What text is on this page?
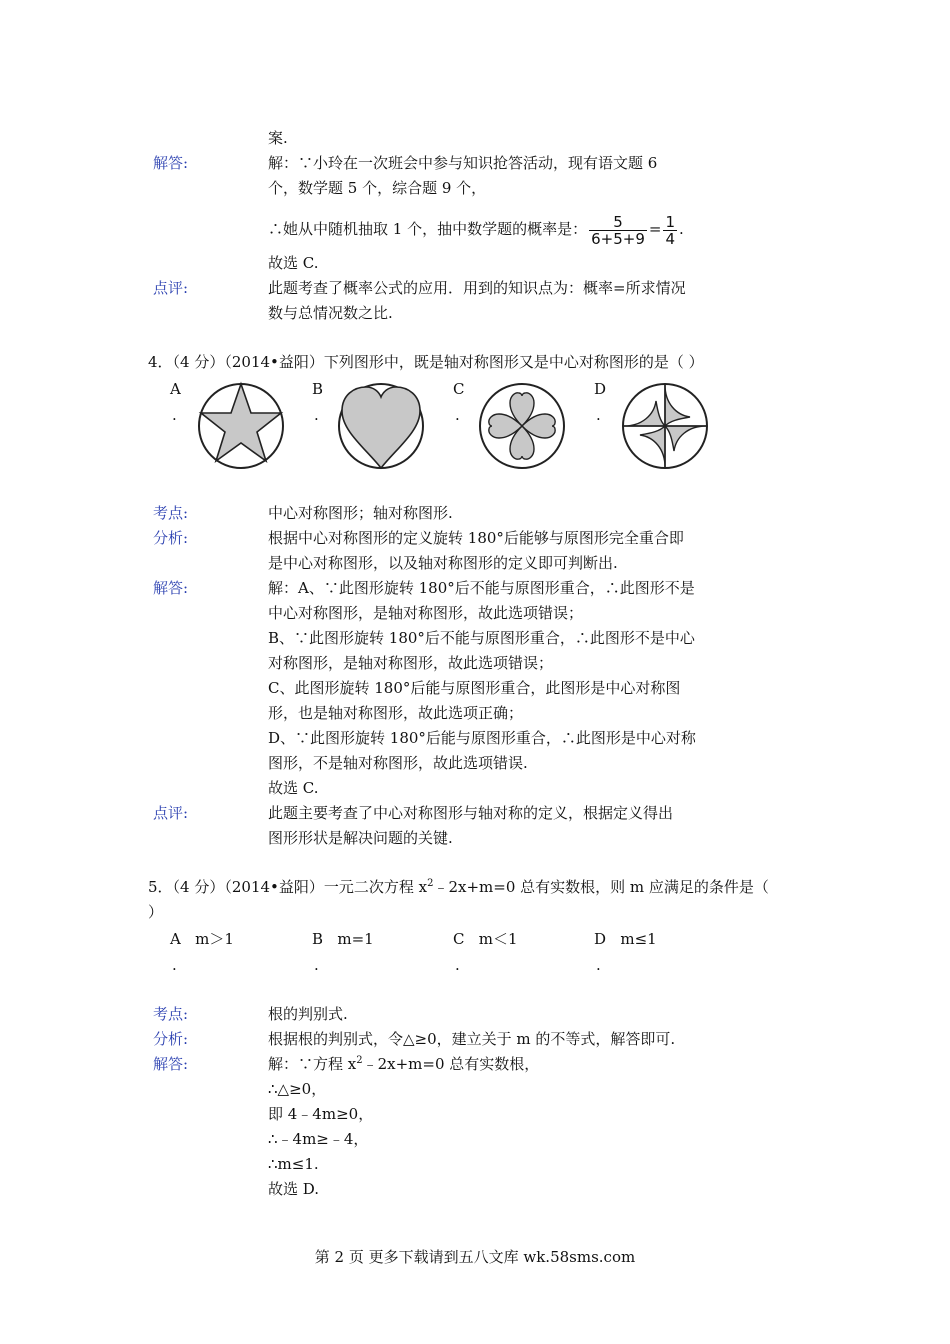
案.
解答:	解：∵小玲在一次班会中参与知识抢答活动，现有语文题 6
个，数学题 5 个，综合题 9 个，
∴她从中随机抽取 1 个，抽中数学题的概率是： $\frac{5}{6+5+9} = \frac{1}{4}$ .
故选 C.
点评:	此题考查了概率公式的应用．用到的知识点为：概率=所求情况
数与总情况数之比.
4．（4 分）（2014•益阳）下列图形中，既是轴对称图形又是中心对称图形的是（ ）
A
.
B
.
C
.
D
.
考点:	中心对称图形；轴对称图形.
分析:	根据中心对称图形的定义旋转 180°后能够与原图形完全重合即
是中心对称图形，以及轴对称图形的定义即可判断出.
解答:	解：A、∵此图形旋转 180°后不能与原图形重合，∴此图形不是
中心对称图形，是轴对称图形，故此选项错误；
B、∵此图形旋转 180°后不能与原图形重合，∴此图形不是中心
对称图形，是轴对称图形，故此选项错误；
C、此图形旋转 180°后能与原图形重合，此图形是中心对称图
形，也是轴对称图形，故此选项正确；
D、∵此图形旋转 180°后能与原图形重合，∴此图形是中心对称
图形，不是轴对称图形，故此选项错误.
故选 C.
点评:	此题主要考查了中心对称图形与轴对称的定义，根据定义得出
图形形状是解决问题的关键.
5．（4 分）（2014•益阳）一元二次方程 $x^2﹣2x+m=0$ 总有实数根，则 m 应满足的条件是（
）
A m＞1
.
B m=1
.
C m＜1
.
D m≤1
.
考点:	根的判别式.
分析:	根据根的判别式，令△≥0，建立关于 m 的不等式，解答即可.
解答:	解：∵方程 $x^2﹣2x+m=0$ 总有实数根，
∴△≥0，
即 4﹣4m≥0，
∴﹣4m≥﹣4，
∴m≤1.
故选 D.
第 2 页 更多下载请到五八文库 wk.58sms.com
